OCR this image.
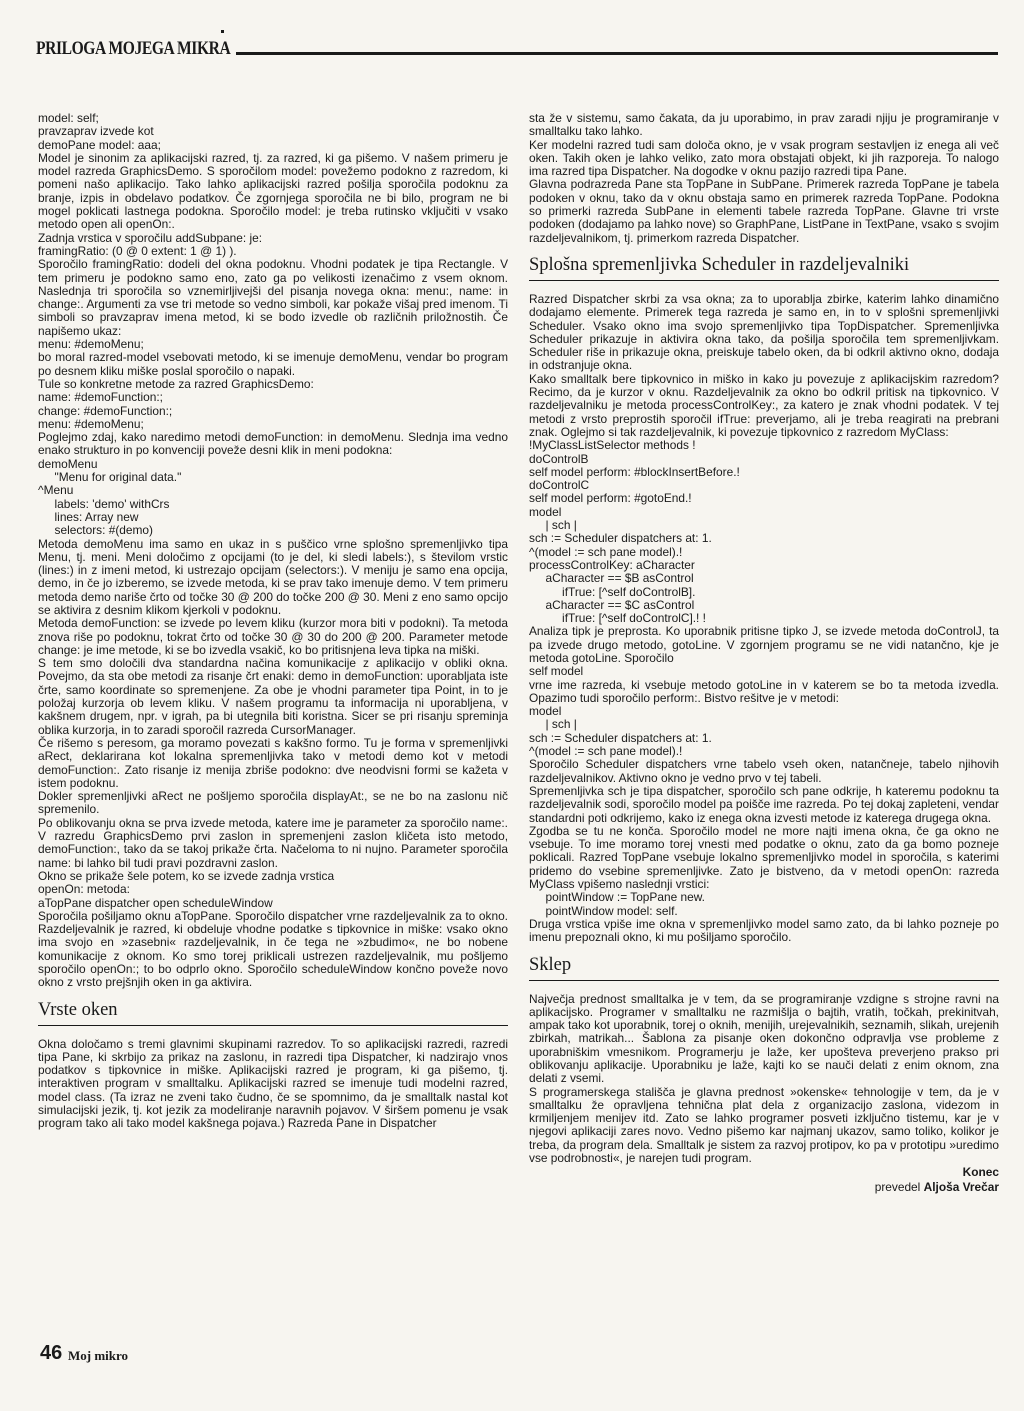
PRILOGA MOJEGA MIKRA

model: self;
pravzaprav izvede kot
demoPane model: aaa;

Model je sinonim za aplikacijski razred, tj. za razred, ki ga pišemo. V našem primeru je model razreda GraphicsDemo. S sporočilom model: povežemo podokno z razredom, ki pomeni našo aplikacijo. Tako lahko aplikacijski razred pošilja sporočila podoknu za branje, izpis in obdelavo podatkov. Če zgornjega sporočila ne bi bilo, program ne bi mogel poklicati lastnega podokna. Sporočilo model: je treba rutinsko vključiti v vsako metodo open ali openOn:.

Zadnja vrstica v sporočilu addSubpane: je:
framingRatio: (0 @ 0 extent: 1 @ 1) ).

Sporočilo framingRatio: dodeli del okna podoknu. Vhodni podatek je tipa Rectangle. V tem primeru je podokno samo eno, zato ga po velikosti izenačimo z vsem oknom. Naslednja tri sporočila so vznemirljivejši del pisanja novega okna: menu:, name: in change:. Argumenti za vse tri metode so vedno simboli, kar pokaže višaj pred imenom. Ti simboli so pravzaprav imena metod, ki se bodo izvedle ob različnih priložnostih. Če napišemo ukaz:
menu: #demoMenu;

bo moral razred-model vsebovati metodo, ki se imenuje demoMenu, vendar bo program po desnem kliku miške poslal sporočilo o napaki.

Tule so konkretne metode za razred GraphicsDemo:
name: #demoFunction:;
change: #demoFunction:;
menu: #demoMenu;

Poglejmo zdaj, kako naredimo metodi demoFunction: in demoMenu. Slednja ima vedno enako strukturo in po konvenciji poveže desni klik in meni podokna:
demoMenu
"Menu for original data."
^Menu
labels: 'demo' withCrs
lines: Array new
selectors: #(demo)

Metoda demoMenu ima samo en ukaz in s puščico vrne splošno spremenljivko tipa Menu, tj. meni. Meni določimo z opcijami (to je del, ki sledi labels:), s številom vrstic (lines:) in z imeni metod, ki ustrezajo opcijam (selectors:). V meniju je samo ena opcija, demo, in če jo izberemo, se izvede metoda, ki se prav tako imenuje demo. V tem primeru metoda demo nariše črto od točke 30 @ 200 do točke 200 @ 30. Meni z eno samo opcijo se aktivira z desnim klikom kjerkoli v podoknu.

Metoda demoFunction: se izvede po levem kliku (kurzor mora biti v podokni). Ta metoda znova riše po podoknu, tokrat črto od točke 30 @ 30 do 200 @ 200. Parameter metode change: je ime metode, ki se bo izvedla vsakič, ko bo pritisnjena leva tipka na miški.

S tem smo določili dva standardna načina komunikacije z aplikacijo v obliki okna. Povejmo, da sta obe metodi za risanje črt enaki: demo in demoFunction: uporabljata iste črte, samo koordinate so spremenjene. Za obe je vhodni parameter tipa Point, in to je položaj kurzorja ob levem kliku. V našem programu ta informacija ni uporabljena, v kakšnem drugem, npr. v igrah, pa bi utegnila biti koristna. Sicer se pri risanju spreminja oblika kurzorja, in to zaradi sporočil razreda CursorManager.

Če rišemo s peresom, ga moramo povezati s kakšno formo. Tu je forma v spremenljivki aRect, deklarirana kot lokalna spremenljivka tako v metodi demo kot v metodi demoFunction:. Zato risanje iz menija zbriše podokno: dve neodvisni formi se kažeta v istem podoknu.

Dokler spremenljivki aRect ne pošljemo sporočila displayAt:, se ne bo na zaslonu nič spremenilo.

Po oblikovanju okna se prva izvede metoda, katere ime je parameter za sporočilo name:. V razredu GraphicsDemo prvi zaslon in spremenjeni zaslon kličeta isto metodo, demoFunction:, tako da se takoj prikaže črta. Načeloma to ni nujno. Parameter sporočila name: bi lahko bil tudi pravi pozdravni zaslon.

Okno se prikaže šele potem, ko se izvede zadnja vrstica
openOn: metoda:
aTopPane dispatcher open scheduleWindow
Sporočila pošiljamo oknu aTopPane. Sporočilo dispatcher vrne razdeljevalnik za to okno. Razdeljevalnik je razred, ki obdeluje vhodne podatke s tipkovnice in miške: vsako okno ima svojo en »zasebni« razdeljevalnik, in če tega ne »zbudimo«, ne bo nobene komunikacije z oknom. Ko smo torej priklicali ustrezen razdeljevalnik, mu pošljemo sporočilo openOn:; to bo odprlo okno. Sporočilo scheduleWindow končno poveže novo okno z vrsto prejšnjih oken in ga aktivira.

Vrste oken

Okna določamo s tremi glavnimi skupinami razredov. To so aplikacijski razredi, razredi tipa Pane, ki skrbijo za prikaz na zaslonu, in razredi tipa Dispatcher, ki nadzirajo vnos podatkov s tipkovnice in miške. Aplikacijski razred je program, ki ga pišemo, tj. interaktiven program v smalltalku. Aplikacijski razred se imenuje tudi modelni razred, model class. (Ta izraz ne zveni tako čudno, če se spomnimo, da je smalltalk nastal kot simulacijski jezik, tj. kot jezik za modeliranje naravnih pojavov. V širšem pomenu je vsak program tako ali tako model kakšnega pojava.) Razreda Pane in Dispatcher

sta že v sistemu, samo čakata, da ju uporabimo, in prav zaradi njiju je programiranje v smalltalku tako lahko.

Ker modelni razred tudi sam določa okno, je v vsak program sestavljen iz enega ali več oken. Takih oken je lahko veliko, zato mora obstajati objekt, ki jih razporeja. To nalogo ima razred tipa Dispatcher. Na dogodke v oknu pazijo razredi tipa Pane.

Glavna podrazreda Pane sta TopPane in SubPane. Primerek razreda TopPane je tabela podoken v oknu, tako da v oknu obstaja samo en primerek razreda TopPane. Podokna so primerki razreda SubPane in elementi tabele razreda TopPane. Glavne tri vrste podoken (dodajamo pa lahko nove) so GraphPane, ListPane in TextPane, vsako s svojim razdeljevalnikom, tj. primerkom razreda Dispatcher.

Splošna spremenljivka Scheduler in razdeljevalniki

Razred Dispatcher skrbi za vsa okna; za to uporablja zbirke, katerim lahko dinamično dodajamo elemente. Primerek tega razreda je samo en, in to v splošni spremenljivki Scheduler. Vsako okno ima svojo spremenljivko tipa TopDispatcher. Spremenljivka Scheduler prikazuje in aktivira okna tako, da pošilja sporočila tem spremenljivkam. Scheduler riše in prikazuje okna, preiskuje tabelo oken, da bi odkril aktivno okno, dodaja in odstranjuje okna.

Kako smalltalk bere tipkovnico in miško in kako ju povezuje z aplikacijskim razredom? Recimo, da je kurzor v oknu. Razdeljevalnik za okno bo odkril pritisk na tipkovnico. V razdeljevalniku je metoda processControlKey:, za katero je znak vhodni podatek. V tej metodi z vrsto preprostih sporočil ifTrue: preverjamo, ali je treba reagirati na prebrani znak. Oglejmo si tak razdeljevalnik, ki povezuje tipkovnico z razredom MyClass:
!MyClassListSelector methods !
doControlB
self model perform: #blockInsertBefore.!
doControlC
self model perform: #gotoEnd.!
model
| sch |
sch := Scheduler dispatchers at: 1.
^(model := sch pane model).!
processControlKey: aCharacter
aCharacter == $B asControl
ifTrue: [^self doControlB].
aCharacter == $C asControl
ifTrue: [^self doControlC].! !

Analiza tipk je preprosta. Ko uporabnik pritisne tipko J, se izvede metoda doControlJ, ta pa izvede drugo metodo, gotoLine. V zgornjem programu se ne vidi natančno, kje je metoda gotoLine. Sporočilo
self model

vrne ime razreda, ki vsebuje metodo gotoLine in v katerem se bo ta metoda izvedla. Opazimo tudi sporočilo perform:. Bistvo rešitve je v metodi:
model
| sch |
sch := Scheduler dispatchers at: 1.
^(model := sch pane model).!
Sporočilo Scheduler dispatchers vrne tabelo vseh oken, natančneje, tabelo njihovih razdeljevalnikov. Aktivno okno je vedno prvo v tej tabeli.

Spremenljivka sch je tipa dispatcher, sporočilo sch pane odkrije, h kateremu podoknu ta razdeljevalnik sodi, sporočilo model pa poišče ime razreda. Po tej dokaj zapleteni, vendar standardni poti odkrijemo, kako iz enega okna izvesti metode iz katerega drugega okna.

Zgodba se tu ne konča. Sporočilo model ne more najti imena okna, če ga okno ne vsebuje. To ime moramo torej vnesti med podatke o oknu, zato da ga bomo pozneje poklicali. Razred TopPane vsebuje lokalno spremenljivko model in sporočila, s katerimi pridemo do vsebine spremenljivke. Zato je bistveno, da v metodi openOn: razreda MyClass vpišemo naslednji vrstici:
pointWindow := TopPane new.
pointWindow model: self.

Druga vrstica vpiše ime okna v spremenljivko model samo zato, da bi lahko pozneje po imenu prepoznali okno, ki mu pošiljamo sporočilo.

Sklep

Največja prednost smalltalka je v tem, da se programiranje vzdigne s strojne ravni na aplikacijsko. Programer v smalltalku ne razmišlja o bajtih, vratih, točkah, prekinitvah, ampak tako kot uporabnik, torej o oknih, menijih, urejevalnikih, seznamih, slikah, urejenih zbirkah, matrikah... Šablona za pisanje oken dokončno odpravlja vse probleme z uporabniškim vmesnikom. Programerju je laže, ker upošteva preverjeno prakso pri oblikovanju aplikacije. Uporabniku je laže, kajti ko se nauči delati z enim oknom, zna delati z vsemi.

S programerskega stališča je glavna prednost »okenske« tehnologije v tem, da je v smalltalku že opravljena tehnična plat dela z organizacijo zaslona, videzom in krmiljenjem menijev itd. Zato se lahko programer posveti izključno tistemu, kar je v njegovi aplikaciji zares novo. Vedno pišemo kar najmanj ukazov, samo toliko, kolikor je treba, da program dela. Smalltalk je sistem za razvoj protipov, ko pa v prototipu »uredimo vse podrobnosti«, je narejen tudi program.

Konec
prevedel Aljoša Vrečar
46 Moj mikro
